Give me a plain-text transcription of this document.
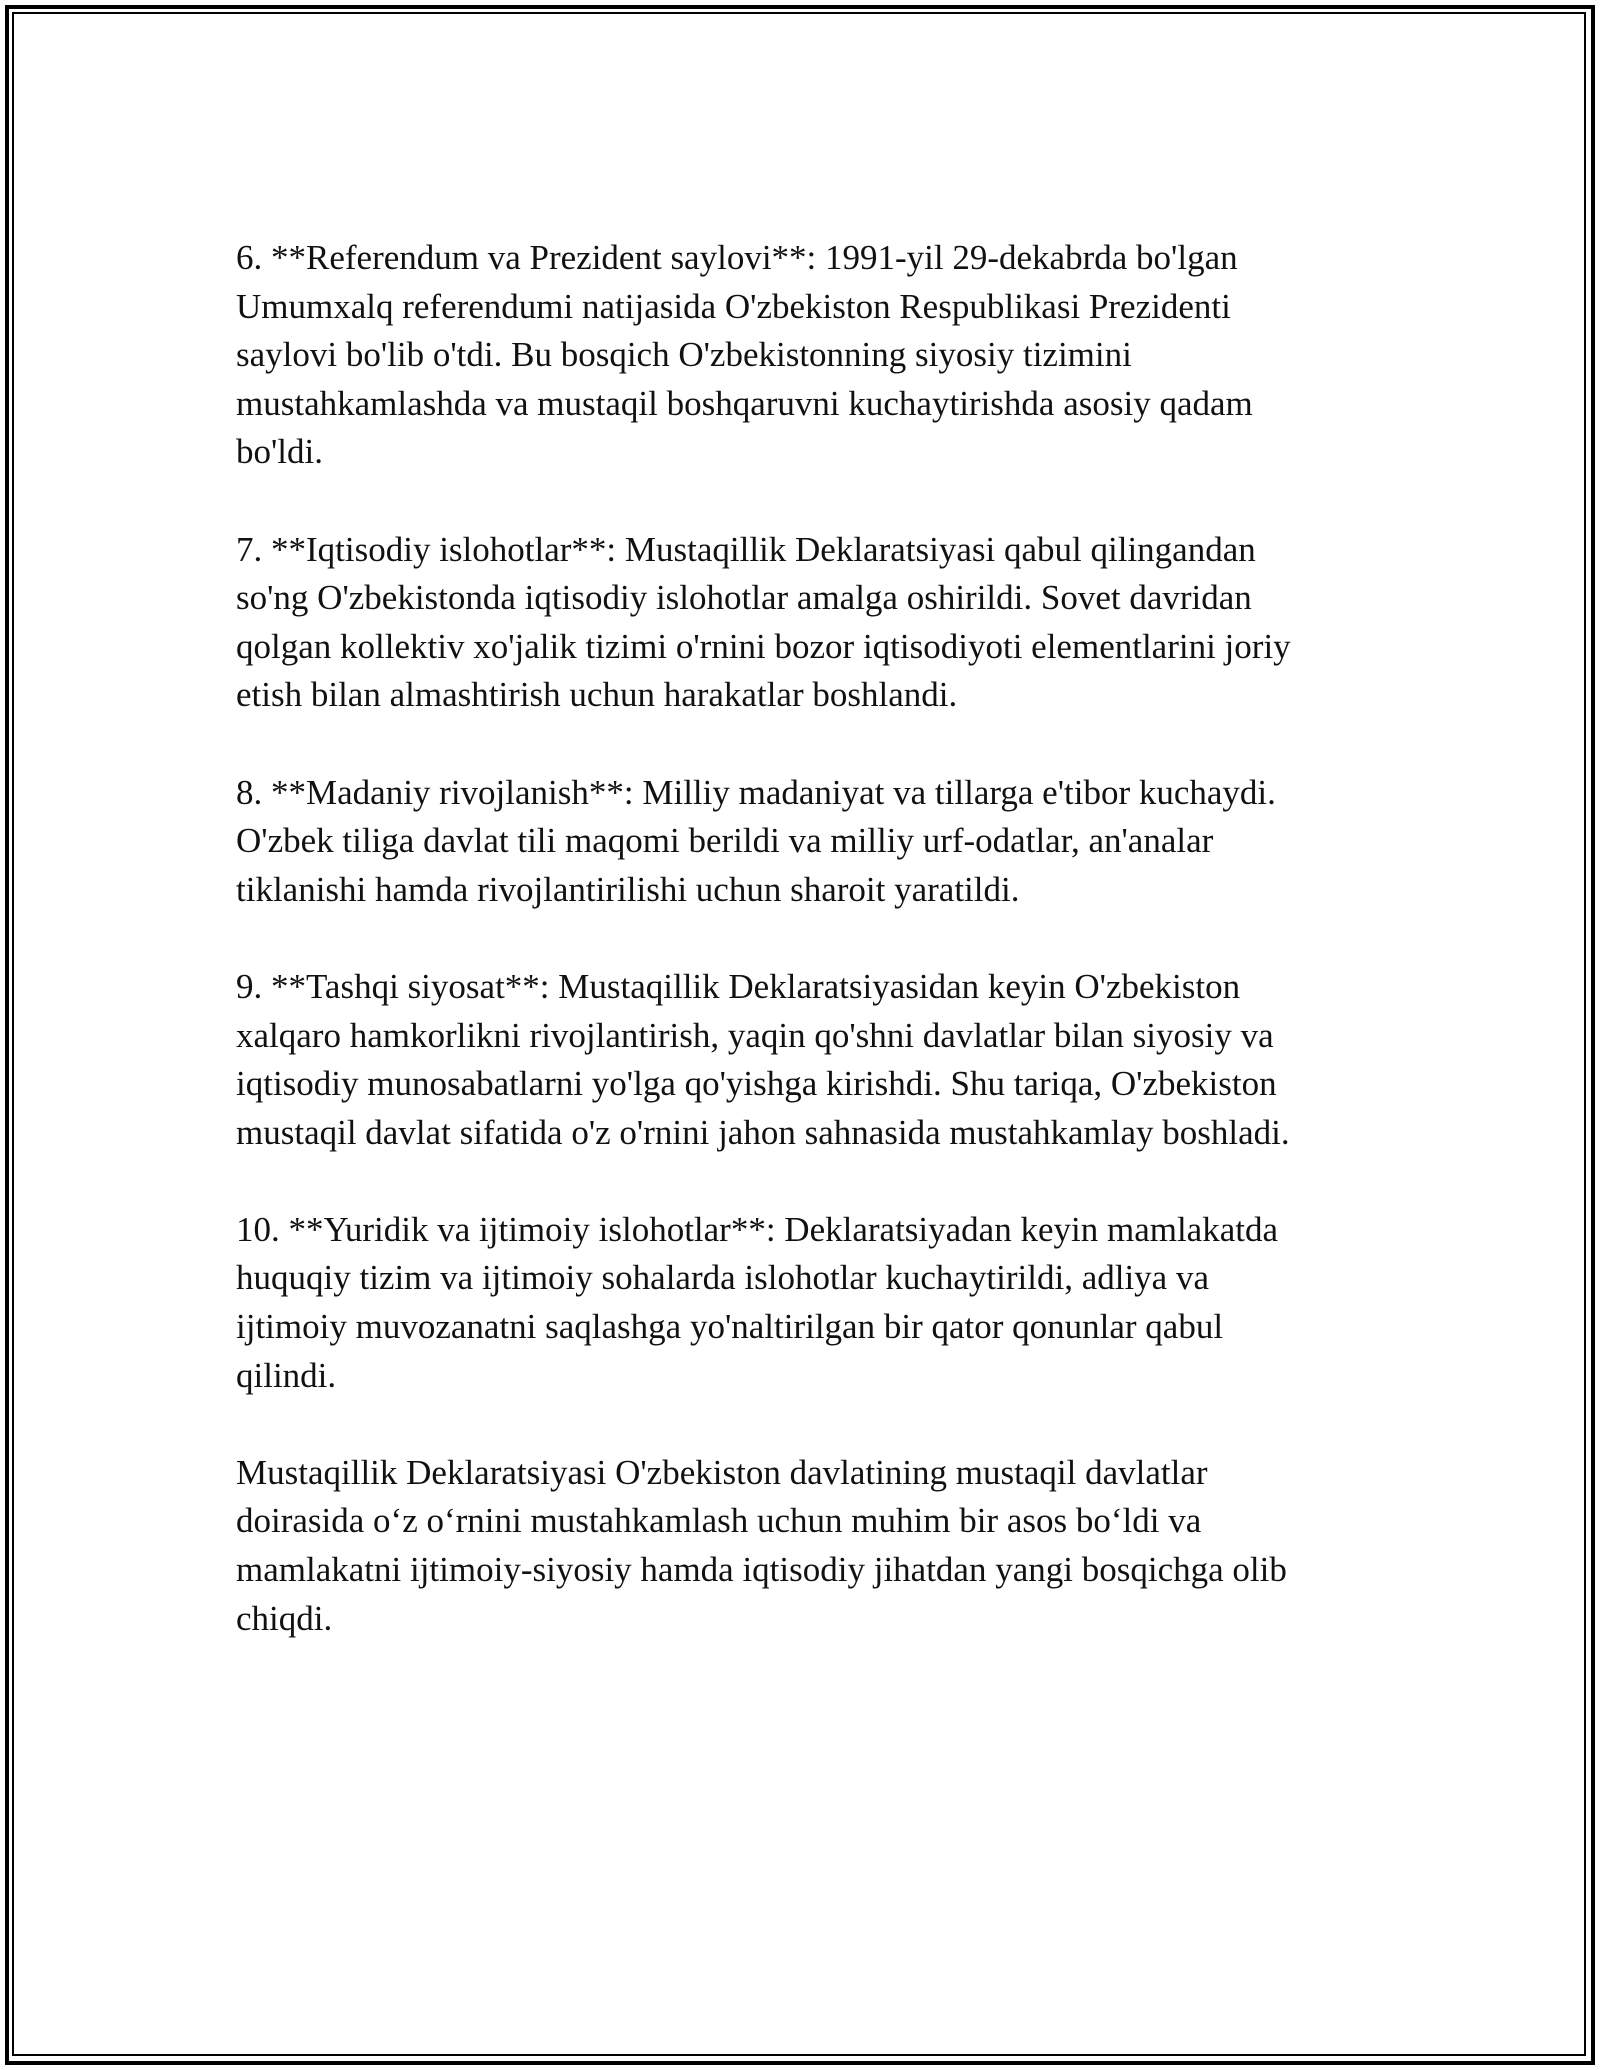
6. **Referendum va Prezident saylovi**: 1991-yil 29-dekabrda bo'lgan
Umumxalq referendumi natijasida O'zbekiston Respublikasi Prezidenti
saylovi bo'lib o'tdi. Bu bosqich O'zbekistonning siyosiy tizimini
mustahkamlashda va mustaqil boshqaruvni kuchaytirishda asosiy qadam
bo'ldi.

7. **Iqtisodiy islohotlar**: Mustaqillik Deklaratsiyasi qabul qilingandan
so'ng O'zbekistonda iqtisodiy islohotlar amalga oshirildi. Sovet davridan
qolgan kollektiv xo'jalik tizimi o'rnini bozor iqtisodiyoti elementlarini joriy
etish bilan almashtirish uchun harakatlar boshlandi.

8. **Madaniy rivojlanish**: Milliy madaniyat va tillarga e'tibor kuchaydi.
O'zbek tiliga davlat tili maqomi berildi va milliy urf-odatlar, an'analar
tiklanishi hamda rivojlantirilishi uchun sharoit yaratildi.

9. **Tashqi siyosat**: Mustaqillik Deklaratsiyasidan keyin O'zbekiston
xalqaro hamkorlikni rivojlantirish, yaqin qo'shni davlatlar bilan siyosiy va
iqtisodiy munosabatlarni yo'lga qo'yishga kirishdi. Shu tariqa, O'zbekiston
mustaqil davlat sifatida o'z o'rnini jahon sahnasida mustahkamlay boshladi.

10. **Yuridik va ijtimoiy islohotlar**: Deklaratsiyadan keyin mamlakatda
huquqiy tizim va ijtimoiy sohalarda islohotlar kuchaytirildi, adliya va
ijtimoiy muvozanatni saqlashga yo'naltirilgan bir qator qonunlar qabul
qilindi.

Mustaqillik Deklaratsiyasi O'zbekiston davlatining mustaqil davlatlar
doirasida o‘z o‘rnini mustahkamlash uchun muhim bir asos bo‘ldi va
mamlakatni ijtimoiy-siyosiy hamda iqtisodiy jihatdan yangi bosqichga olib
chiqdi.
